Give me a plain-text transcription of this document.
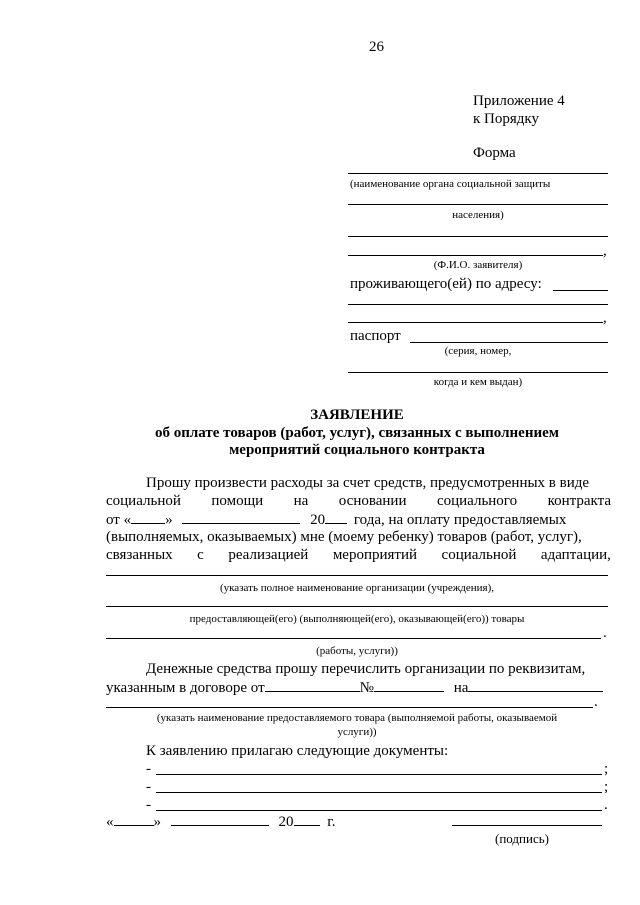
26
Приложение 4
к Порядку
Форма
(наименование органа социальной защиты
населения)
,
(Ф.И.О. заявителя)
проживающего(ей) по адресу:
,
паспорт
(серия, номер,
когда и кем выдан)
ЗАЯВЛЕНИЕ
об оплате товаров (работ, услуг), связанных с выполнением
мероприятий социального контракта
Прошу произвести расходы за счет средств, предусмотренных в виде
социальной помощи на основании социального контракта
от « »	20 года, на оплату предоставляемых
(выполняемых, оказываемых) мне (моему ребенку) товаров (работ, услуг),
связанных с реализацией мероприятий социальной адаптации,
(указать полное наименование организации (учреждения),
предоставляющей(его) (выполняющей(его), оказывающей(его)) товары
.
(работы, услуги))
Денежные средства прошу перечислить организации по реквизитам,
указанным в договоре от	№	на
.
(указать наименование предоставляемого товара (выполняемой работы, оказываемой
услуги))
К заявлению прилагаю следующие документы:
-	;
-	;
-	.
«	»	20 г.
(подпись)
